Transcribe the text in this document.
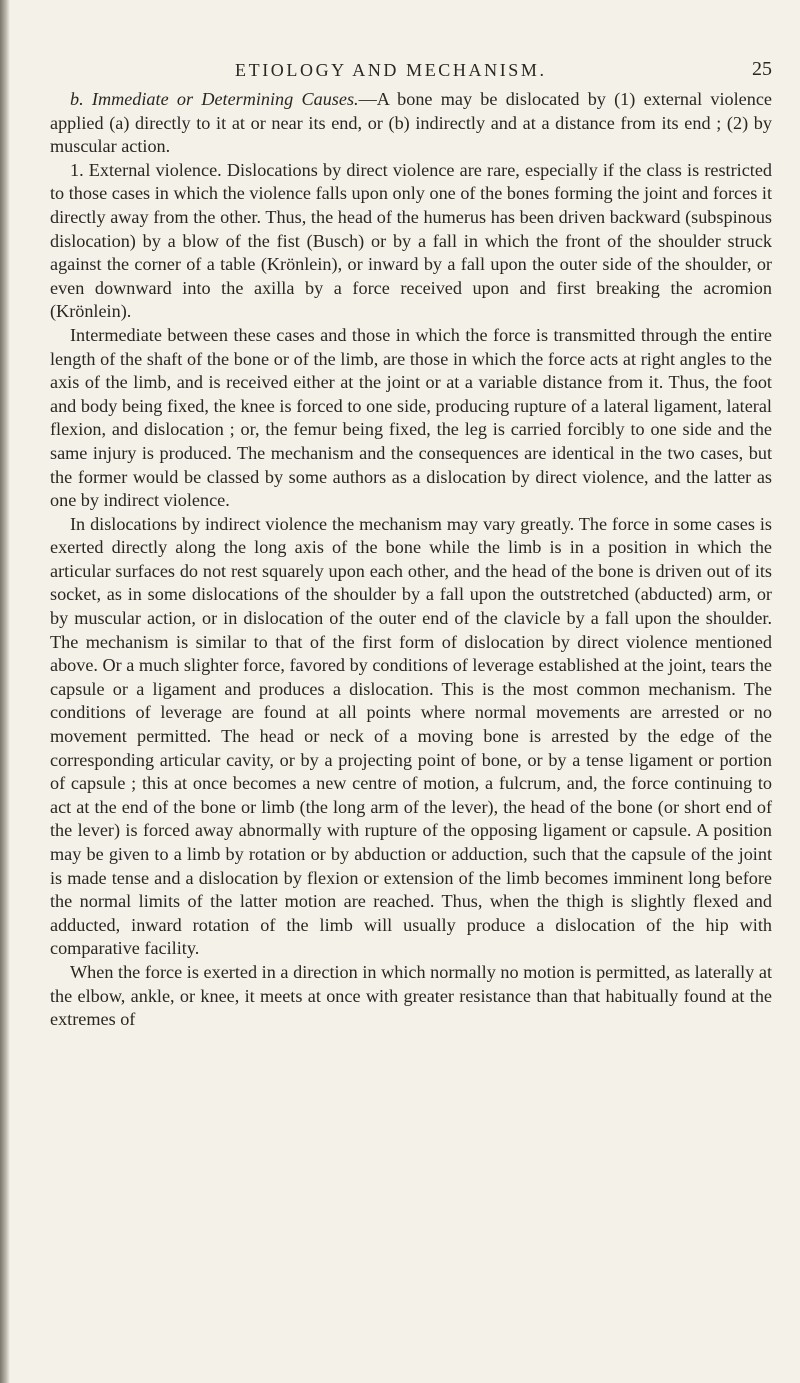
ETIOLOGY AND MECHANISM.	25

b. Immediate or Determining Causes.—A bone may be dislocated by (1) external violence applied (a) directly to it at or near its end, or (b) indirectly and at a distance from its end ; (2) by muscular action.

1. External violence. Dislocations by direct violence are rare, especially if the class is restricted to those cases in which the violence falls upon only one of the bones forming the joint and forces it directly away from the other. Thus, the head of the humerus has been driven backward (subspinous dislocation) by a blow of the fist (Busch) or by a fall in which the front of the shoulder struck against the corner of a table (Krönlein), or inward by a fall upon the outer side of the shoulder, or even downward into the axilla by a force received upon and first breaking the acromion (Krönlein).

Intermediate between these cases and those in which the force is transmitted through the entire length of the shaft of the bone or of the limb, are those in which the force acts at right angles to the axis of the limb, and is received either at the joint or at a variable distance from it. Thus, the foot and body being fixed, the knee is forced to one side, producing rupture of a lateral ligament, lateral flexion, and dislocation ; or, the femur being fixed, the leg is carried forcibly to one side and the same injury is produced. The mechanism and the consequences are identical in the two cases, but the former would be classed by some authors as a dislocation by direct violence, and the latter as one by indirect violence.

In dislocations by indirect violence the mechanism may vary greatly. The force in some cases is exerted directly along the long axis of the bone while the limb is in a position in which the articular surfaces do not rest squarely upon each other, and the head of the bone is driven out of its socket, as in some dislocations of the shoulder by a fall upon the outstretched (abducted) arm, or by muscular action, or in dislocation of the outer end of the clavicle by a fall upon the shoulder. The mechanism is similar to that of the first form of dislocation by direct violence mentioned above. Or a much slighter force, favored by conditions of leverage established at the joint, tears the capsule or a ligament and produces a dislocation. This is the most common mechanism. The conditions of leverage are found at all points where normal movements are arrested or no movement permitted. The head or neck of a moving bone is arrested by the edge of the corresponding articular cavity, or by a projecting point of bone, or by a tense ligament or portion of capsule ; this at once becomes a new centre of motion, a fulcrum, and, the force continuing to act at the end of the bone or limb (the long arm of the lever), the head of the bone (or short end of the lever) is forced away abnormally with rupture of the opposing ligament or capsule. A position may be given to a limb by rotation or by abduction or adduction, such that the capsule of the joint is made tense and a dislocation by flexion or extension of the limb becomes imminent long before the normal limits of the latter motion are reached. Thus, when the thigh is slightly flexed and adducted, inward rotation of the limb will usually produce a dislocation of the hip with comparative facility.

When the force is exerted in a direction in which normally no motion is permitted, as laterally at the elbow, ankle, or knee, it meets at once with greater resistance than that habitually found at the extremes of
